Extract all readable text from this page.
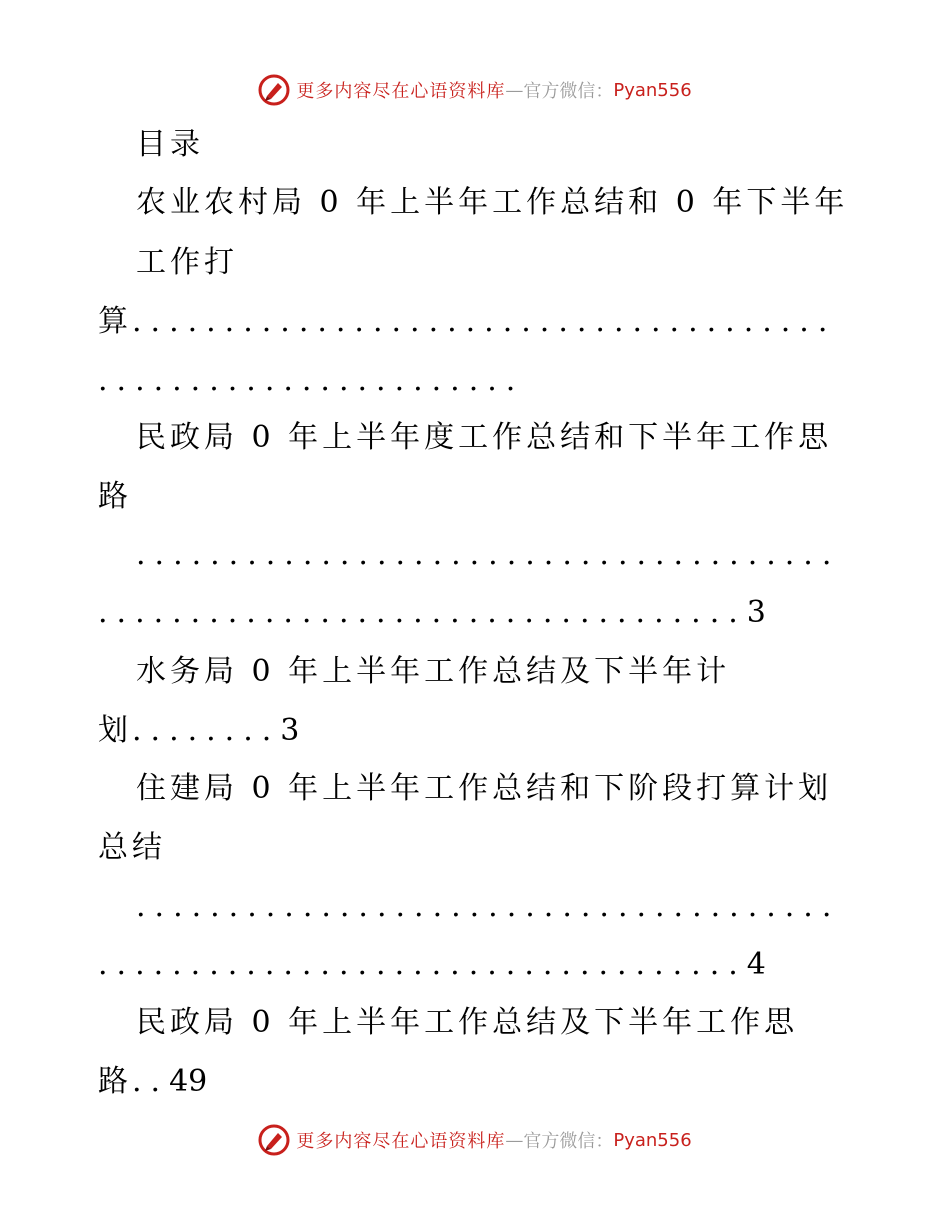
更多内容尽在心语资料库 — 官方微信： Pyan556
目录
农业农村局 0 年上半年工作总结和 0 年下半年
工作打
算......................................
.......................
民政局 0 年上半年度工作总结和下半年工作思
路
......................................
...................................3
水务局 0 年上半年工作总结及下半年计
划........3
住建局 0 年上半年工作总结和下阶段打算计划
总结
......................................
...................................4
民政局 0 年上半年工作总结及下半年工作思
路..49
更多内容尽在心语资料库 — 官方微信： Pyan556
